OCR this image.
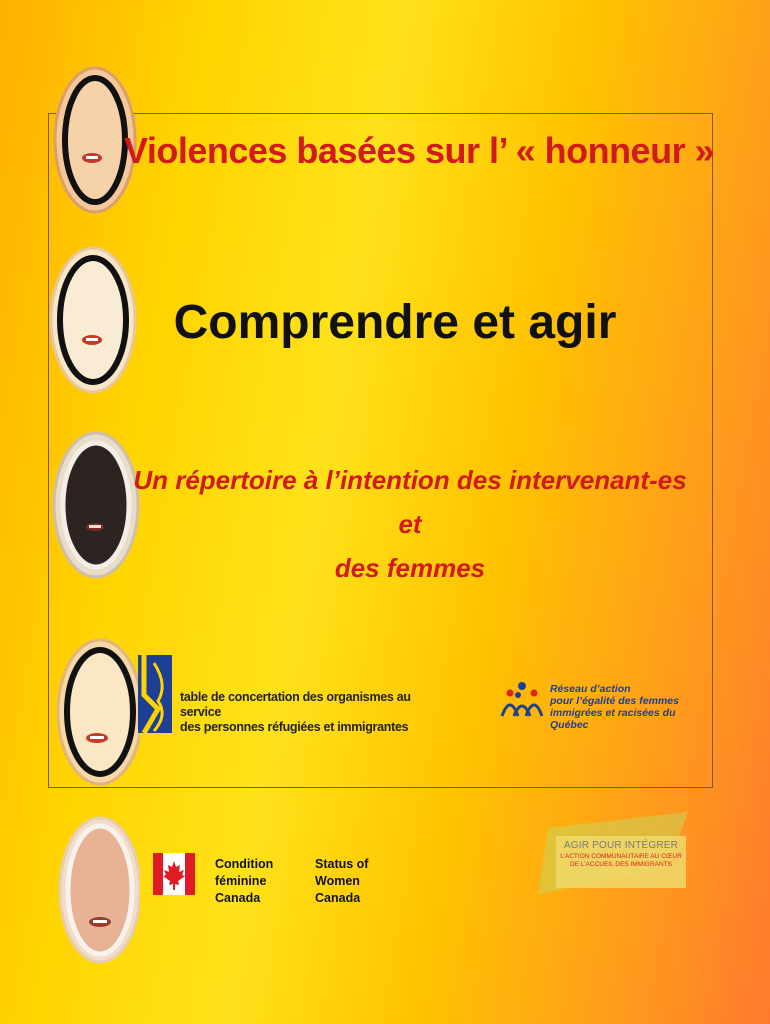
Violences basées sur l’ « honneur »
Comprendre et agir
Un répertoire à l’intention des intervenant-es
et
des femmes
table de concertation des organismes au service
des personnes réfugiées et immigrantes
Réseau d’action
pour l’égalité des femmes
immigrées et racisées du Québec
Condition féminine
Status of Women
Canada	Canada
AGIR POUR INTÉGRER
L’ACTION COMMUNAUTAIRE AU CŒUR
DE L’ACCUEIL DES IMMIGRANTS
